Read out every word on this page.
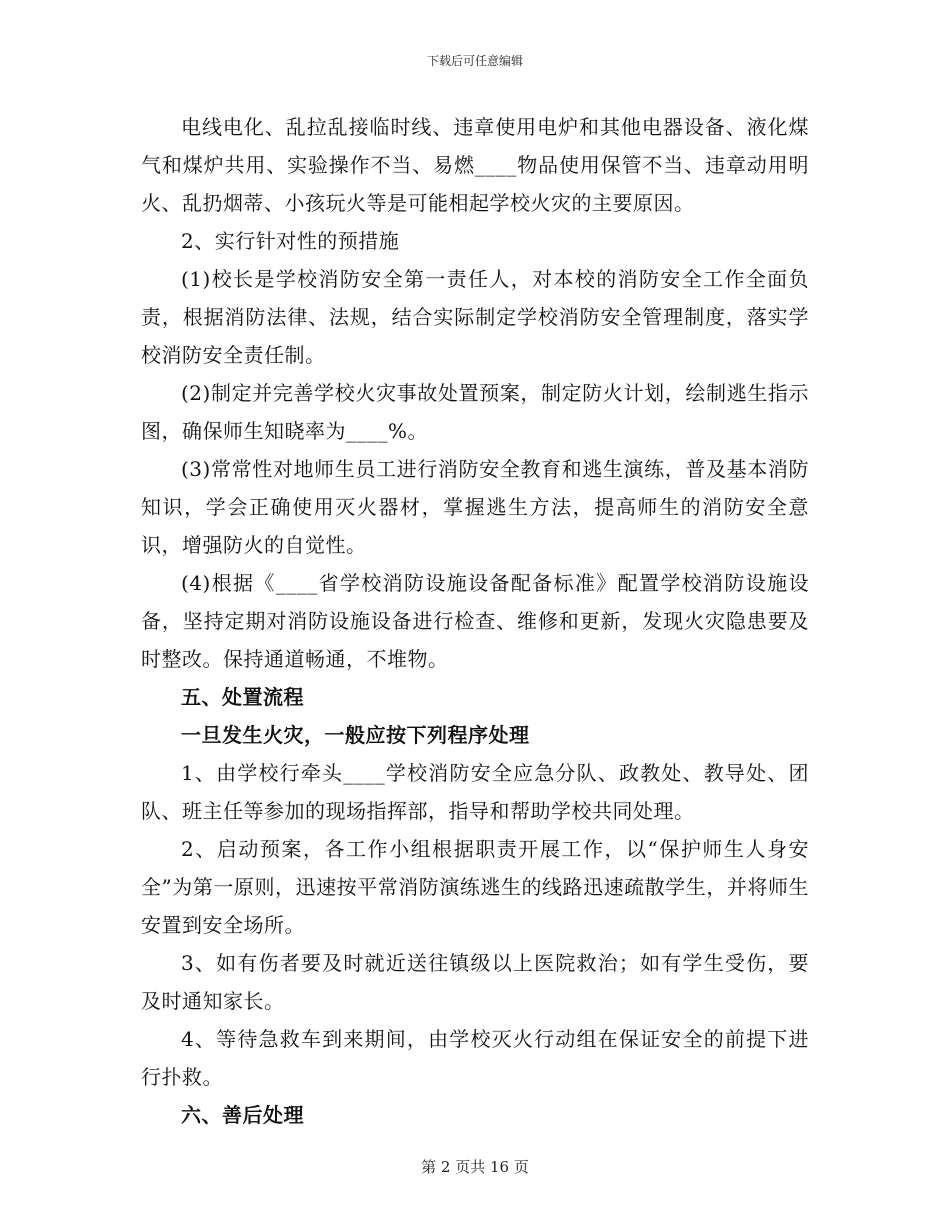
下载后可任意编辑

电线电化、乱拉乱接临时线、违章使用电炉和其他电器设备、液化煤气和煤炉共用、实验操作不当、易燃____物品使用保管不当、违章动用明火、乱扔烟蒂、小孩玩火等是可能相起学校火灾的主要原因。

2、实行针对性的预措施

(1)校长是学校消防安全第一责任人，对本校的消防安全工作全面负责，根据消防法律、法规，结合实际制定学校消防安全管理制度，落实学校消防安全责任制。

(2)制定并完善学校火灾事故处置预案，制定防火计划，绘制逃生指示图，确保师生知晓率为____%。

(3)常常性对地师生员工进行消防安全教育和逃生演练，普及基本消防知识，学会正确使用灭火器材，掌握逃生方法，提高师生的消防安全意识，增强防火的自觉性。

(4)根据《____省学校消防设施设备配备标准》配置学校消防设施设备，坚持定期对消防设施设备进行检查、维修和更新，发现火灾隐患要及时整改。保持通道畅通，不堆物。

五、处置流程

一旦发生火灾，一般应按下列程序处理

1、由学校行牵头____学校消防安全应急分队、政教处、教导处、团队、班主任等参加的现场指挥部，指导和帮助学校共同处理。

2、启动预案，各工作小组根据职责开展工作，以“保护师生人身安全”为第一原则，迅速按平常消防演练逃生的线路迅速疏散学生，并将师生安置到安全场所。

3、如有伤者要及时就近送往镇级以上医院救治；如有学生受伤，要及时通知家长。

4、等待急救车到来期间，由学校灭火行动组在保证安全的前提下进行扑救。

六、善后处理

第 2 页共 16 页
